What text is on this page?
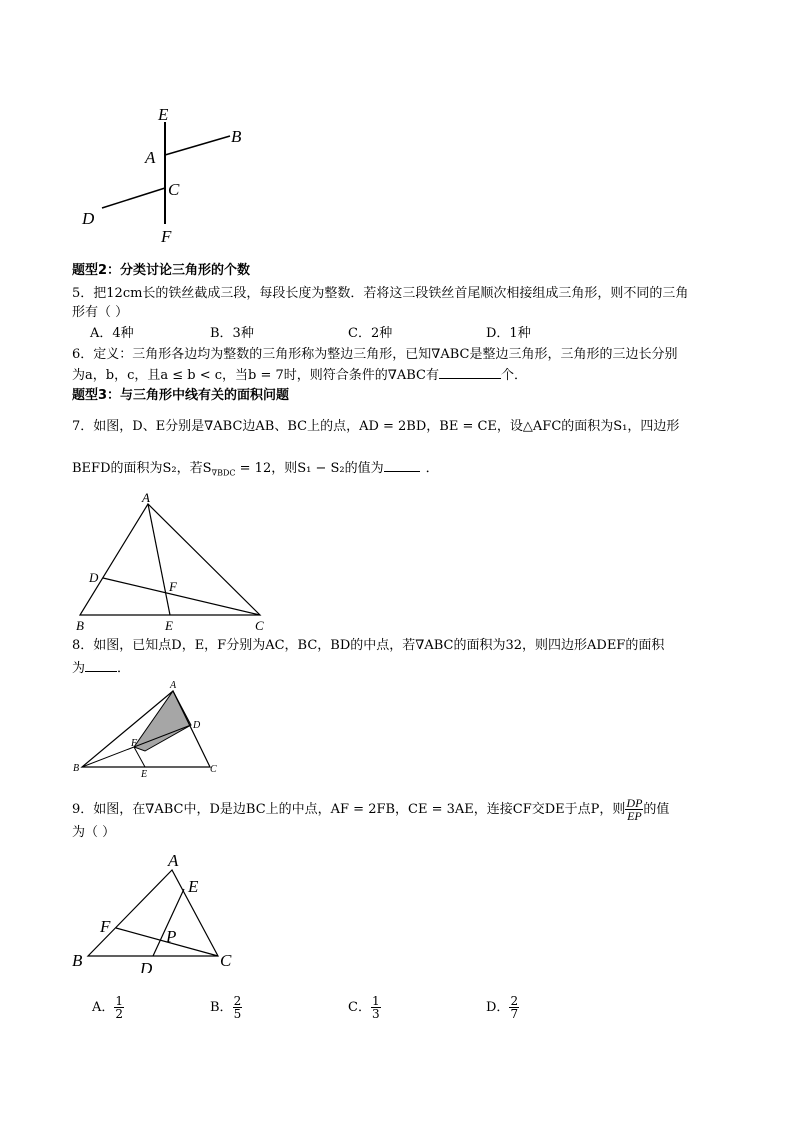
E
B
A
C
D
F
题型2：分类讨论三角形的个数
5．把12cm长的铁丝截成三段，每段长度为整数．若将这三段铁丝首尾顺次相接组成三角形，则不同的三角
形有（ ）
A．4种	B．3种	C．2种	D．1种
6．定义：三角形各边均为整数的三角形称为整边三角形，已知∇ABC是整边三角形，三角形的三边长分别
为a，b，c，且a ≤ b < c，当b = 7时，则符合条件的∇ABC有	个．
题型3：与三角形中线有关的面积问题
7．如图，D、E分别是∇ABC边AB、BC上的点，AD = 2BD，BE = CE，设△AFC的面积为S₁，四边形
BEFD的面积为S₂，若$S_{\nabla BDC} = 12$，则S₁ − S₂的值为	．
A
D
F
B	E	C
8．如图，已知点D，E，F分别为AC，BC，BD的中点，若∇ABC的面积为32，则四边形ADEF的面积
为 ．
A
D
F
B
E	C
9．如图，在∇ABC中，D是边BC上的中点，AF = 2FB，CE = 3AE，连接CF交DE于点P，则 $\frac{DP}{EP}$ 的值
为（ ）
A
E
F
P
B	D	C
A． $\frac{1}{2}$	B． $\frac{2}{5}$	C． $\frac{1}{3}$	D． $\frac{2}{7}$
